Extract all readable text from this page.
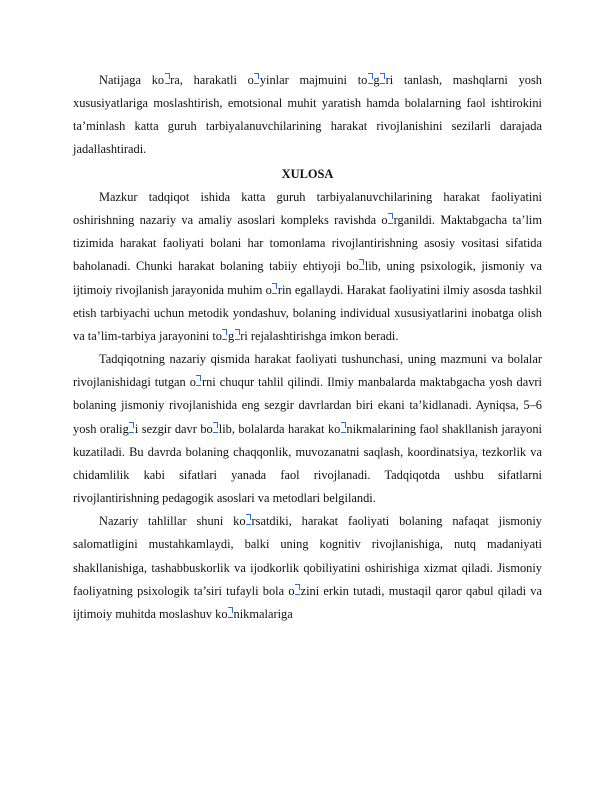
Natijaga ko ra, harakatli o yinlar majmuini to g ri tanlash, mashqlarni yosh xususiyatlariga moslashtirish, emotsional muhit yaratish hamda bolalarning faol ishtirokini ta’minlash katta guruh tarbiyalanuvchilarining harakat rivojlanishini sezilarli darajada jadallashtiradi.

XULOSA

Mazkur tadqiqot ishida katta guruh tarbiyalanuvchilarining harakat faoliyatini oshirishning nazariy va amaliy asoslari kompleks ravishda o rganildi. Maktabgacha ta’lim tizimida harakat faoliyati bolani har tomonlama rivojlantirishning asosiy vositasi sifatida baholanadi. Chunki harakat bolaning tabiiy ehtiyoji bo lib, uning psixologik, jismoniy va ijtimoiy rivojlanish jarayonida muhim o rin egallaydi. Harakat faoliyatini ilmiy asosda tashkil etish tarbiyachi uchun metodik yondashuv, bolaning individual xususiyatlarini inobatga olish va ta’lim-tarbiya jarayonini to g ri rejalashtirishga imkon beradi.

Tadqiqotning nazariy qismida harakat faoliyati tushunchasi, uning mazmuni va bolalar rivojlanishidagi tutgan o rni chuqur tahlil qilindi. Ilmiy manbalarda maktabgacha yosh davri bolaning jismoniy rivojlanishida eng sezgir davrlardan biri ekani ta’kidlanadi. Ayniqsa, 5–6 yosh oralig i sezgir davr bo lib, bolalarda harakat ko nikmalarining faol shakllanish jarayoni kuzatiladi. Bu davrda bolaning chaqqonlik, muvozanatni saqlash, koordinatsiya, tezkorlik va chidamlilik kabi sifatlari yanada faol rivojlanadi. Tadqiqotda ushbu sifatlarni rivojlantirishning pedagogik asoslari va metodlari belgilandi.

Nazariy tahlillar shuni ko rsatdiki, harakat faoliyati bolaning nafaqat jismoniy salomatligini mustahkamlaydi, balki uning kognitiv rivojlanishiga, nutq madaniyati shakllanishiga, tashabbuskorlik va ijodkorlik qobiliyatini oshirishiga xizmat qiladi. Jismoniy faoliyatning psixologik ta’siri tufayli bola o zini erkin tutadi, mustaqil qaror qabul qiladi va ijtimoiy muhitda moslashuv ko nikmalariga
